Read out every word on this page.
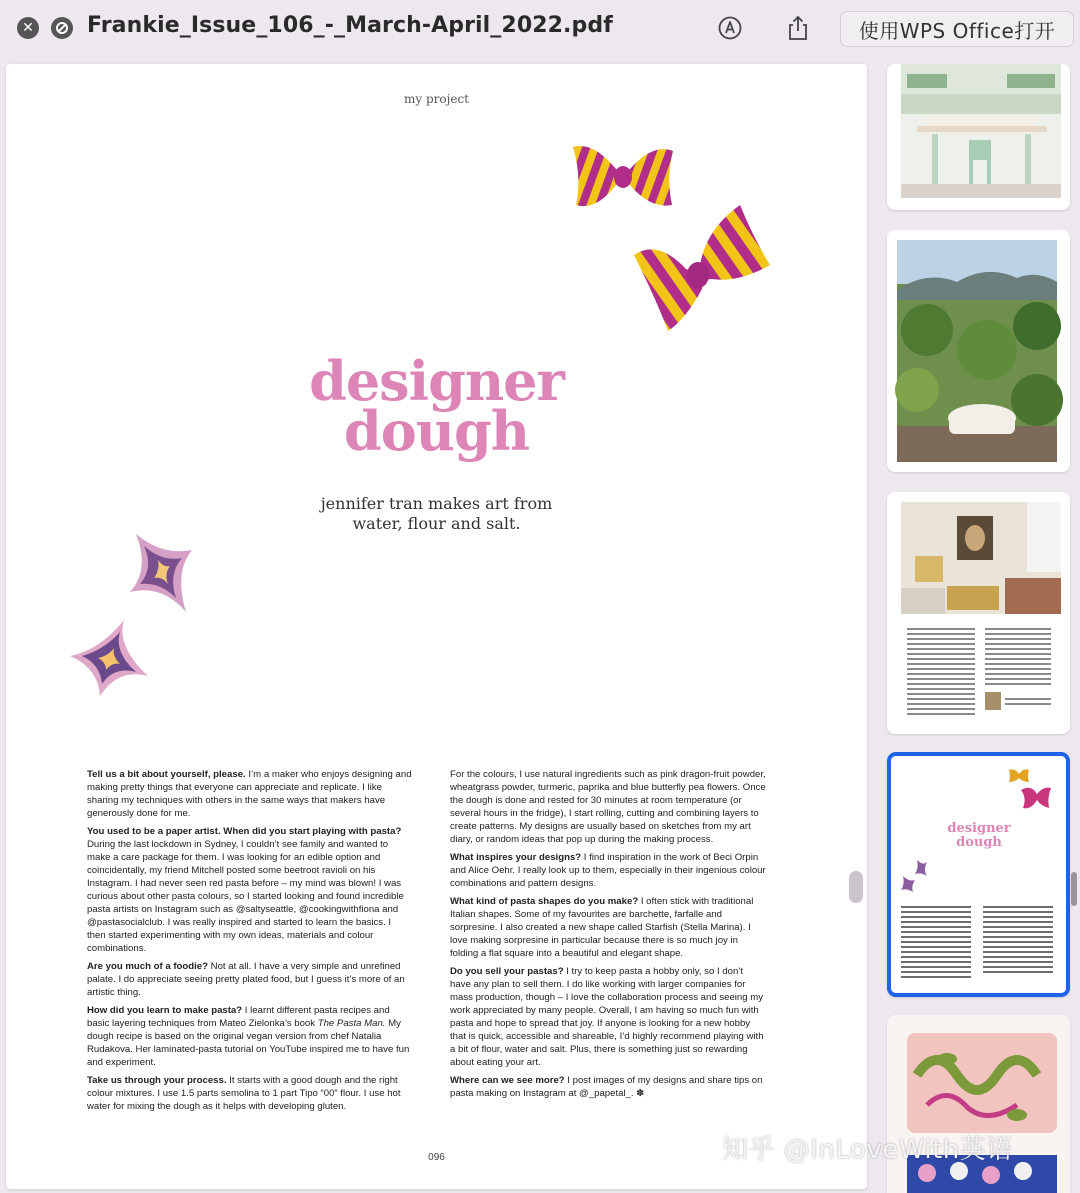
✕ Frankie_Issue_106_-_March-April_2022.pdf	使用WPS Office打开
my project
designer
dough
jennifer tran makes art from
water, flour and salt.
Tell us a bit about yourself, please. I’m a maker who enjoys designing and making pretty things that everyone can appreciate and replicate. I like sharing my techniques with others in the same ways that makers have generously done for me.
You used to be a paper artist. When did you start playing with pasta? During the last lockdown in Sydney, I couldn’t see family and wanted to make a care package for them. I was looking for an edible option and coincidentally, my friend Mitchell posted some beetroot ravioli on his Instagram. I had never seen red pasta before – my mind was blown! I was curious about other pasta colours, so I started looking and found incredible pasta artists on Instagram such as @saltyseattle, @cookingwithfiona and @pastasocialclub. I was really inspired and started to learn the basics. I then started experimenting with my own ideas, materials and colour combinations.
Are you much of a foodie? Not at all. I have a very simple and unrefined palate. I do appreciate seeing pretty plated food, but I guess it’s more of an artistic thing.
How did you learn to make pasta? I learnt different pasta recipes and basic layering techniques from Mateo Zielonka’s book The Pasta Man. My dough recipe is based on the original vegan version from chef Natalia Rudakova. Her laminated-pasta tutorial on YouTube inspired me to have fun and experiment.
Take us through your process. It starts with a good dough and the right colour mixtures. I use 1.5 parts semolina to 1 part Tipo “00” flour. I use hot water for mixing the dough as it helps with developing gluten.
For the colours, I use natural ingredients such as pink dragon-fruit powder, wheatgrass powder, turmeric, paprika and blue butterfly pea flowers. Once the dough is done and rested for 30 minutes at room temperature (or several hours in the fridge), I start rolling, cutting and combining layers to create patterns. My designs are usually based on sketches from my art diary, or random ideas that pop up during the making process.
What inspires your designs? I find inspiration in the work of Beci Orpin and Alice Oehr. I really look up to them, especially in their ingenious colour combinations and pattern designs.
What kind of pasta shapes do you make? I often stick with traditional Italian shapes. Some of my favourites are barchette, farfalle and sorpresine. I also created a new shape called Starfish (Stella Marina). I love making sorpresine in particular because there is so much joy in folding a flat square into a beautiful and elegant shape.
Do you sell your pastas? I try to keep pasta a hobby only, so I don’t have any plan to sell them. I do like working with larger companies for mass production, though – I love the collaboration process and seeing my work appreciated by many people. Overall, I am having so much fun with pasta and hope to spread that joy. If anyone is looking for a new hobby that is quick, accessible and shareable, I’d highly recommend playing with a bit of flour, water and salt. Plus, there is something just so rewarding about eating your art.
Where can we see more? I post images of my designs and share tips on pasta making on Instagram at @_papetal_. ✽
096
designer
dough
知乎 @InLoveWith英语
